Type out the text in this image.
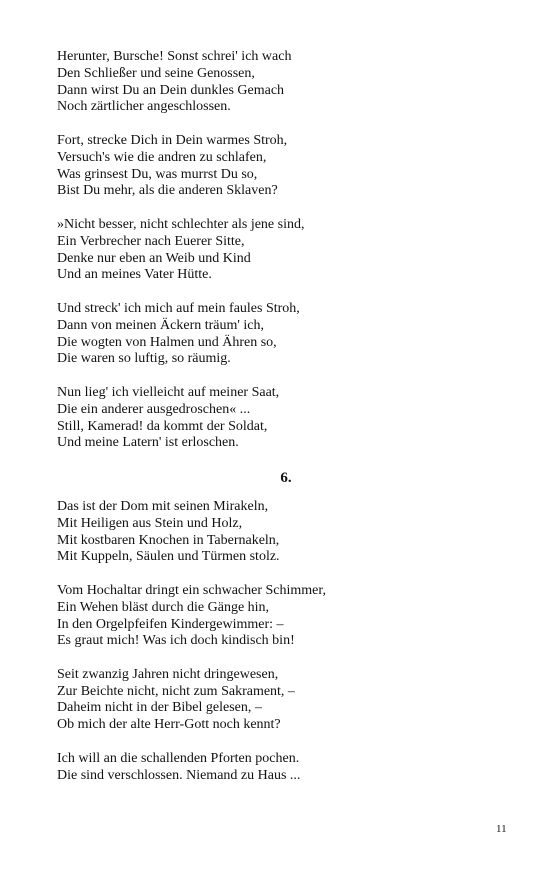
Herunter, Bursche! Sonst schrei' ich wach
Den Schließer und seine Genossen,
Dann wirst Du an Dein dunkles Gemach
Noch zärtlicher angeschlossen.
Fort, strecke Dich in Dein warmes Stroh,
Versuch's wie die andren zu schlafen,
Was grinsest Du, was murrst Du so,
Bist Du mehr, als die anderen Sklaven?
»Nicht besser, nicht schlechter als jene sind,
Ein Verbrecher nach Euerer Sitte,
Denke nur eben an Weib und Kind
Und an meines Vater Hütte.
Und streck' ich mich auf mein faules Stroh,
Dann von meinen Äckern träum' ich,
Die wogten von Halmen und Ähren so,
Die waren so luftig, so räumig.
Nun lieg' ich vielleicht auf meiner Saat,
Die ein anderer ausgedroschen« ...
Still, Kamerad! da kommt der Soldat,
Und meine Latern' ist erloschen.
6.
Das ist der Dom mit seinen Mirakeln,
Mit Heiligen aus Stein und Holz,
Mit kostbaren Knochen in Tabernakeln,
Mit Kuppeln, Säulen und Türmen stolz.
Vom Hochaltar dringt ein schwacher Schimmer,
Ein Wehen bläst durch die Gänge hin,
In den Orgelpfeifen Kindergewimmer: –
Es graut mich! Was ich doch kindisch bin!
Seit zwanzig Jahren nicht dringewesen,
Zur Beichte nicht, nicht zum Sakrament, –
Daheim nicht in der Bibel gelesen, –
Ob mich der alte Herr-Gott noch kennt?
Ich will an die schallenden Pforten pochen.
Die sind verschlossen. Niemand zu Haus ...
11
